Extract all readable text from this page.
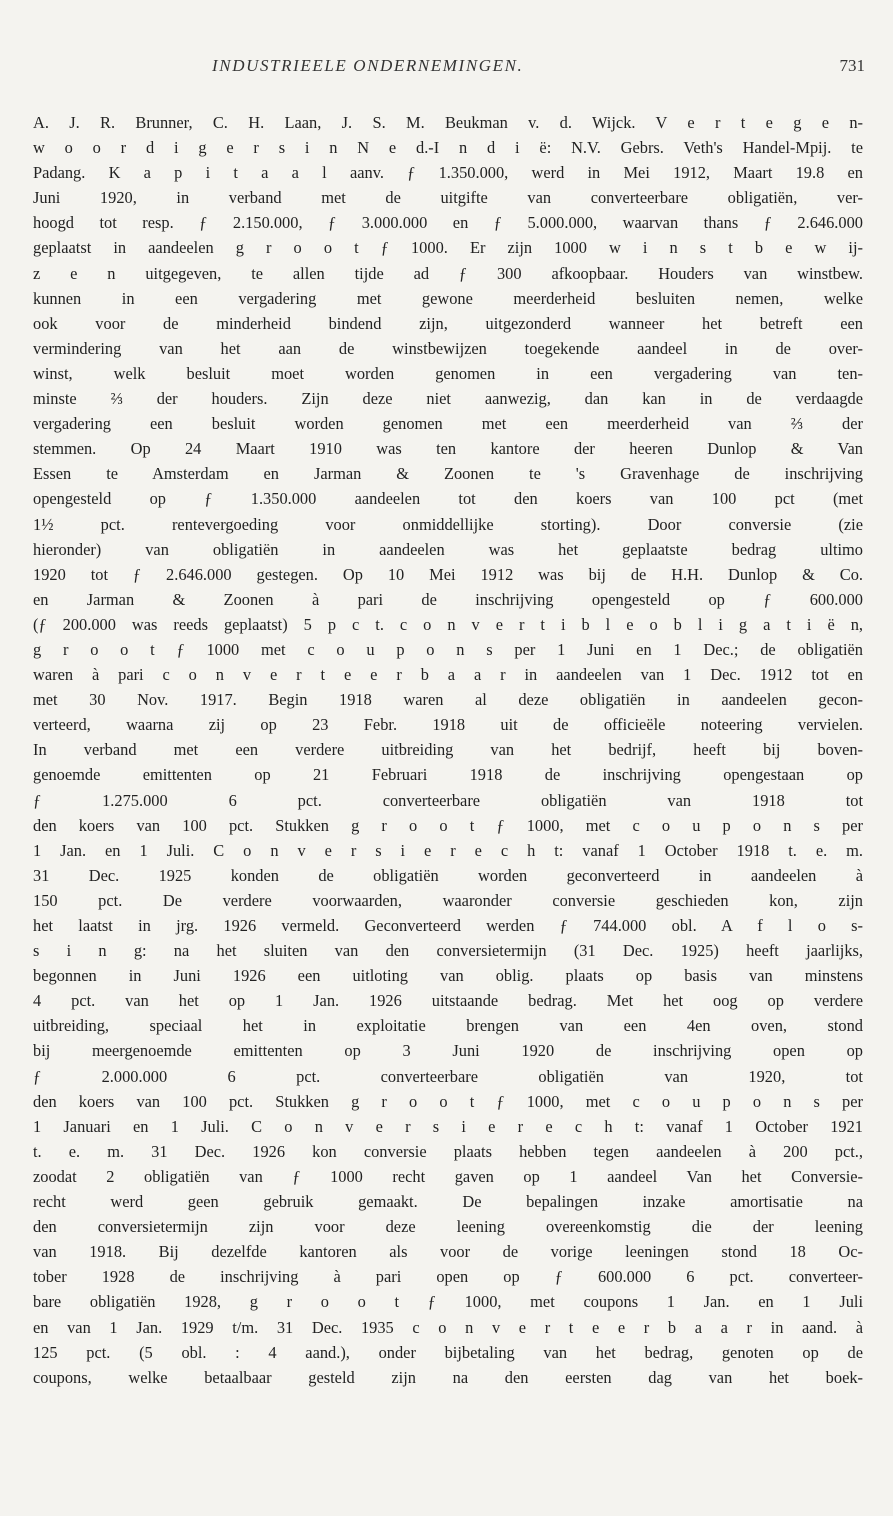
INDUSTRIEELE ONDERNEMINGEN.	731
A. J. R. Brunner, C. H. Laan, J. S. M. Beukman v. d. Wijck. V e r t e g e n-
w o o r d i g e r s i n N e d.-I n d i ë: N.V. Gebrs. Veth's Handel-Mpij. te
Padang. K a p i t a a l aanv. ƒ 1.350.000, werd in Mei 1912, Maart 19.8 en
Juni 1920, in verband met de uitgifte van converteerbare obligatiën, ver-
hoogd tot resp. ƒ 2.150.000, ƒ 3.000.000 en ƒ 5.000.000, waarvan thans ƒ 2.646.000
geplaatst in aandeelen g r o o t ƒ 1000. Er zijn 1000 w i n s t b e w ij-
z e n uitgegeven, te allen tijde ad ƒ 300 afkoopbaar. Houders van winstbew.
kunnen in een vergadering met gewone meerderheid besluiten nemen, welke
ook voor de minderheid bindend zijn, uitgezonderd wanneer het betreft een
vermindering van het aan de winstbewijzen toegekende aandeel in de over-
winst, welk besluit moet worden genomen in een vergadering van ten-
minste ⅔ der houders. Zijn deze niet aanwezig, dan kan in de verdaagde
vergadering een besluit worden genomen met een meerderheid van ⅔ der
stemmen. Op 24 Maart 1910 was ten kantore der heeren Dunlop & Van
Essen te Amsterdam en Jarman & Zoonen te 's Gravenhage de inschrijving
opengesteld op ƒ 1.350.000 aandeelen tot den koers van 100 pct (met
1½ pct. rentevergoeding voor onmiddellijke storting). Door conversie (zie
hieronder) van obligatiën in aandeelen was het geplaatste bedrag ultimo
1920 tot ƒ 2.646.000 gestegen. Op 10 Mei 1912 was bij de H.H. Dunlop & Co.
en Jarman & Zoonen à pari de inschrijving opengesteld op ƒ 600.000
(ƒ 200.000 was reeds geplaatst) 5 p c t. c o n v e r t i b l e o b l i g a t i ë n,
g r o o t ƒ 1000 met c o u p o n s per 1 Juni en 1 Dec.; de obligatiën
waren à pari c o n v e r t e e r b a a r in aandeelen van 1 Dec. 1912 tot en
met 30 Nov. 1917. Begin 1918 waren al deze obligatiën in aandeelen gecon-
verteerd, waarna zij op 23 Febr. 1918 uit de officieële noteering vervielen.
In verband met een verdere uitbreiding van het bedrijf, heeft bij boven-
genoemde emittenten op 21 Februari 1918 de inschrijving opengestaan op
ƒ 1.275.000 6 pct. converteerbare obligatiën van 1918 tot
den koers van 100 pct. Stukken g r o o t ƒ 1000, met c o u p o n s per
1 Jan. en 1 Juli. C o n v e r s i e r e c h t: vanaf 1 October 1918 t. e. m.
31 Dec. 1925 konden de obligatiën worden geconverteerd in aandeelen à
150 pct. De verdere voorwaarden, waaronder conversie geschieden kon, zijn
het laatst in jrg. 1926 vermeld. Geconverteerd werden ƒ 744.000 obl. A f l o s-
s i n g: na het sluiten van den conversietermijn (31 Dec. 1925) heeft jaarlijks,
begonnen in Juni 1926 een uitloting van oblig. plaats op basis van minstens
4 pct. van het op 1 Jan. 1926 uitstaande bedrag. Met het oog op verdere
uitbreiding, speciaal het in exploitatie brengen van een 4en oven, stond
bij meergenoemde emittenten op 3 Juni 1920 de inschrijving open op
ƒ 2.000.000 6 pct. converteerbare obligatiën van 1920, tot
den koers van 100 pct. Stukken g r o o t ƒ 1000, met c o u p o n s per
1 Januari en 1 Juli. C o n v e r s i e r e c h t: vanaf 1 October 1921
t. e. m. 31 Dec. 1926 kon conversie plaats hebben tegen aandeelen à 200 pct.,
zoodat 2 obligatiën van ƒ 1000 recht gaven op 1 aandeel Van het Conversie-
recht werd geen gebruik gemaakt. De bepalingen inzake amortisatie na
den conversietermijn zijn voor deze leening overeenkomstig die der leening
van 1918. Bij dezelfde kantoren als voor de vorige leeningen stond 18 Oc-
tober 1928 de inschrijving à pari open op ƒ 600.000 6 pct. converteer-
bare obligatiën 1928, g r o o t ƒ 1000, met coupons 1 Jan. en 1 Juli
en van 1 Jan. 1929 t/m. 31 Dec. 1935 c o n v e r t e e r b a a r in aand. à
125 pct. (5 obl. : 4 aand.), onder bijbetaling van het bedrag, genoten op de
coupons, welke betaalbaar gesteld zijn na den eersten dag van het boek-
